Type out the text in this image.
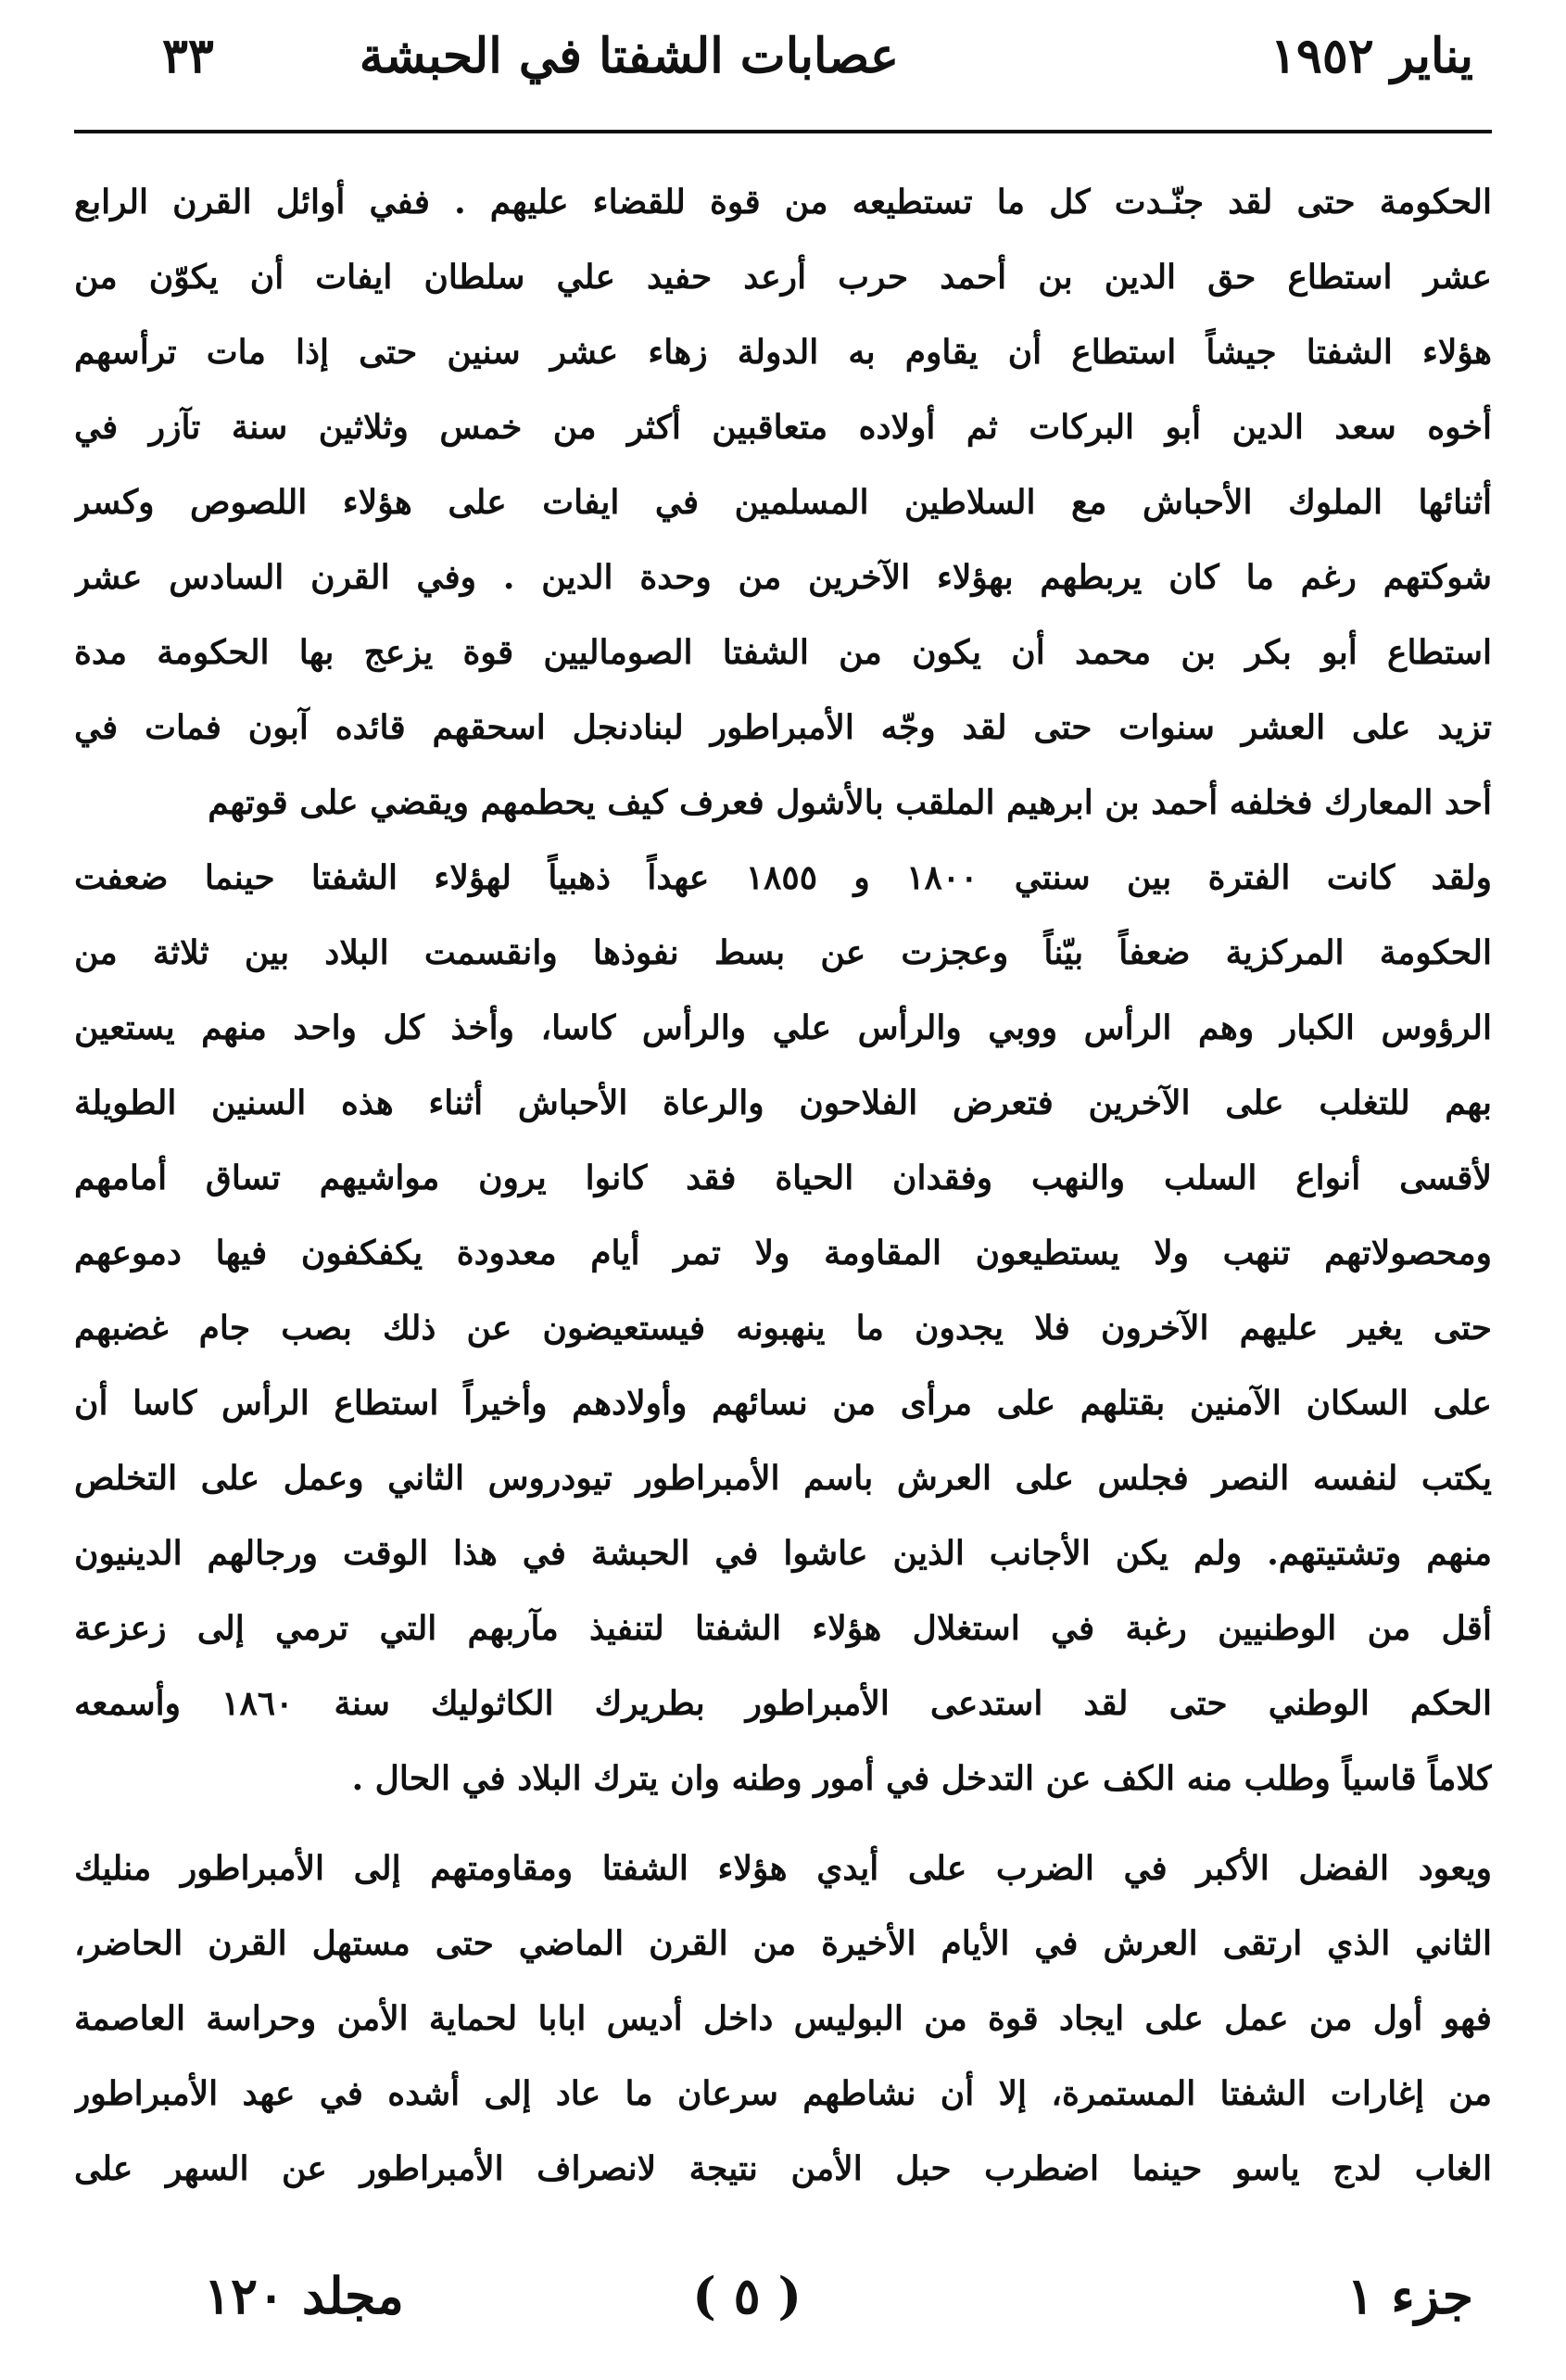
يناير ١٩٥٢
عصابات الشفتا في الحبشة
٣٣
الحكومة حتى لقد جنّـدت كل ما تستطيعه من قوة للقضاء عليهم . ففي أوائل القرن الرابع
عشر استطاع حق الدين بن أحمد حرب أرعد حفيد علي سلطان ايفات أن يكوّن من
هؤلاء الشفتا جيشاً استطاع أن يقاوم به الدولة زهاء عشر سنين حتى إذا مات ترأسهم
أخوه سعد الدين أبو البركات ثم أولاده متعاقبين أكثر من خمس وثلاثين سنة تآزر في
أثنائها الملوك الأحباش مع السلاطين المسلمين في ايفات على هؤلاء اللصوص وكسر
شوكتهم رغم ما كان يربطهم بهؤلاء الآخرين من وحدة الدين . وفي القرن السادس عشر
استطاع أبو بكر بن محمد أن يكون من الشفتا الصوماليين قوة يزعج بها الحكومة مدة
تزيد على العشر سنوات حتى لقد وجّه الأمبراطور لبنادنجل اسحقهم قائده آبون فمات في
أحد المعارك فخلفه أحمد بن ابرهيم الملقب بالأشول فعرف كيف يحطمهم ويقضي على قوتهم
ولقد كانت الفترة بين سنتي ١٨٠٠ و ١٨٥٥ عهداً ذهبياً لهؤلاء الشفتا حينما ضعفت
الحكومة المركزية ضعفاً بيّناً وعجزت عن بسط نفوذها وانقسمت البلاد بين ثلاثة من
الرؤوس الكبار وهم الرأس ووبي والرأس علي والرأس كاسا، وأخذ كل واحد منهم يستعين
بهم للتغلب على الآخرين فتعرض الفلاحون والرعاة الأحباش أثناء هذه السنين الطويلة
لأقسى أنواع السلب والنهب وفقدان الحياة فقد كانوا يرون مواشيهم تساق أمامهم
ومحصولاتهم تنهب ولا يستطيعون المقاومة ولا تمر أيام معدودة يكفكفون فيها دموعهم
حتى يغير عليهم الآخرون فلا يجدون ما ينهبونه فيستعيضون عن ذلك بصب جام غضبهم
على السكان الآمنين بقتلهم على مرأى من نسائهم وأولادهم وأخيراً استطاع الرأس كاسا أن
يكتب لنفسه النصر فجلس على العرش باسم الأمبراطور تيودروس الثاني وعمل على التخلص
منهم وتشتيتهم. ولم يكن الأجانب الذين عاشوا في الحبشة في هذا الوقت ورجالهم الدينيون
أقل من الوطنيين رغبة في استغلال هؤلاء الشفتا لتنفيذ مآربهم التي ترمي إلى زعزعة
الحكم الوطني حتى لقد استدعى الأمبراطور بطريرك الكاثوليك سنة ١٨٦٠ وأسمعه
كلاماً قاسياً وطلب منه الكف عن التدخل في أمور وطنه وان يترك البلاد في الحال .
ويعود الفضل الأكبر في الضرب على أيدي هؤلاء الشفتا ومقاومتهم إلى الأمبراطور منليك
الثاني الذي ارتقى العرش في الأيام الأخيرة من القرن الماضي حتى مستهل القرن الحاضر،
فهو أول من عمل على ايجاد قوة من البوليس داخل أديس ابابا لحماية الأمن وحراسة العاصمة
من إغارات الشفتا المستمرة، إلا أن نشاطهم سرعان ما عاد إلى أشده في عهد الأمبراطور
الغاب لدج ياسو حينما اضطرب حبل الأمن نتيجة لانصراف الأمبراطور عن السهر على
جزء ١
( ٥ )
مجلد ١٢٠
